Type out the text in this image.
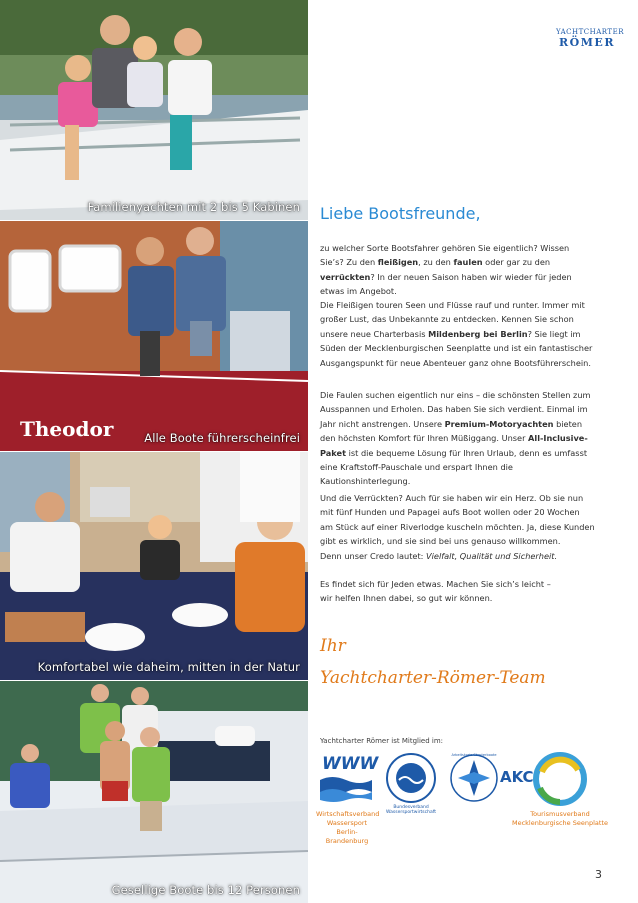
Familienyachten mit 2 bis 5 Kabinen
Theodor	Alle Boote führerscheinfrei
Komfortabel wie daheim, mitten in der Natur
Gesellige Boote bis 12 Personen
YACHTCHARTER
RÖMER
Liebe Bootsfreunde,

zu welcher Sorte Bootsfahrer gehören Sie eigentlich? Wissen Sie’s? Zu den fleißigen, zu den faulen oder gar zu den verrückten? In der neuen Saison haben wir wieder für jeden etwas im Angebot.

Die Fleißigen touren Seen und Flüsse rauf und runter. Immer mit großer Lust, das Unbekannte zu entdecken. Kennen Sie schon unsere neue Charterbasis Mildenberg bei Berlin? Sie liegt im Süden der Mecklenburgischen Seenplatte und ist ein fantastischer Ausgangspunkt für neue Abenteuer ganz ohne Bootsführerschein.

Die Faulen suchen eigentlich nur eins – die schönsten Stellen zum Ausspannen und Erholen. Das haben Sie sich verdient. Einmal im Jahr nicht anstrengen. Unsere Premium-Motoryachten bieten den höchsten Komfort für Ihren Müßiggang. Unser All-Inclusive-Paket ist die bequeme Lösung für Ihren Urlaub, denn es umfasst eine Kraftstoff-Pauschale und erspart Ihnen die Kautionshinterlegung.

Und die Verrückten? Auch für sie haben wir ein Herz. Ob sie nun mit fünf Hunden und Papagei aufs Boot wollen oder 20 Wochen am Stück auf einer Riverlodge kuscheln möchten. Ja, diese Kunden gibt es wirklich, und sie sind bei uns genauso willkommen.
Denn unser Credo lautet: Vielfalt, Qualität und Sicherheit.

Es findet sich für Jeden etwas. Machen Sie sich’s leicht –
wir helfen Ihnen dabei, so gut wir können.

Ihr
Yachtcharter-Römer-Team
Yachtcharter Römer ist Mitglied im:
WWW
Bundesverband Wassersportwirtschaft
AKC
Arbeitskreis Charterboote
Wirtschaftsverband Wassersport Berlin-Brandenburg
Tourismusverband Mecklenburgische Seenplatte
3
